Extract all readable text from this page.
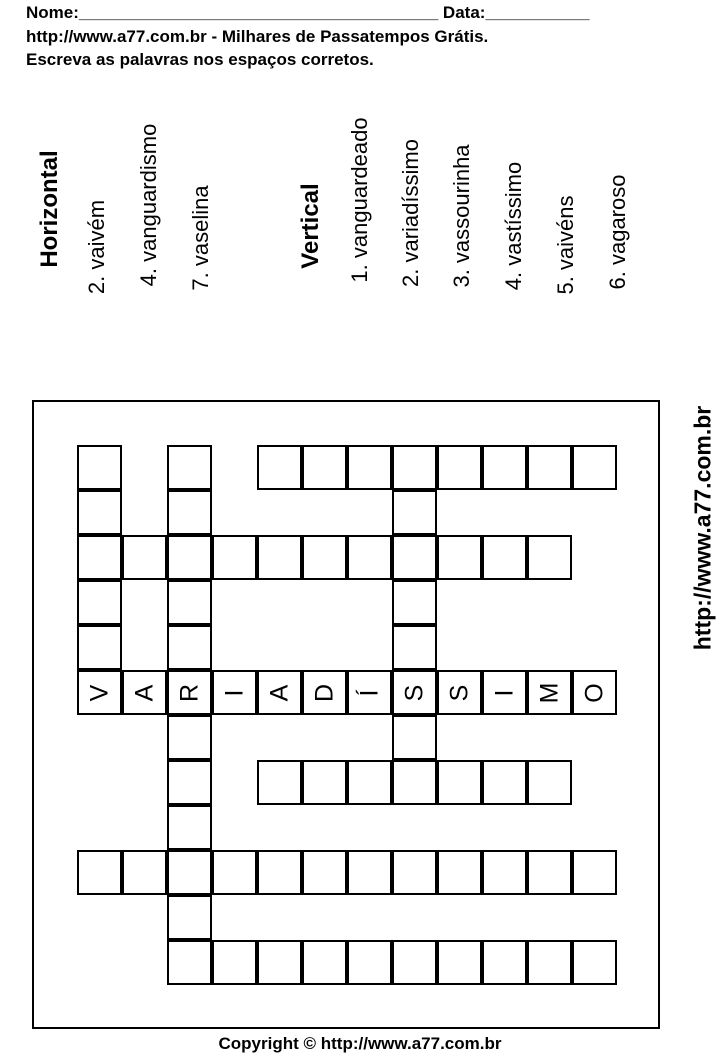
Nome:______________________________________ Data:___________
http://www.a77.com.br - Milhares de Passatempos Grátis.
Escreva as palavras nos espaços corretos.
Horizontal 2. vaivém 4. vanguardismo 7. vaselina	Vertical 1. vanguardeado 2. variadíssimo 3. vassourinha 4. vastíssimo 5. vaivéns 6. vagaroso
http://www.a77.com.br
V A R I A D Í S S I M O
Copyright © http://www.a77.com.br
